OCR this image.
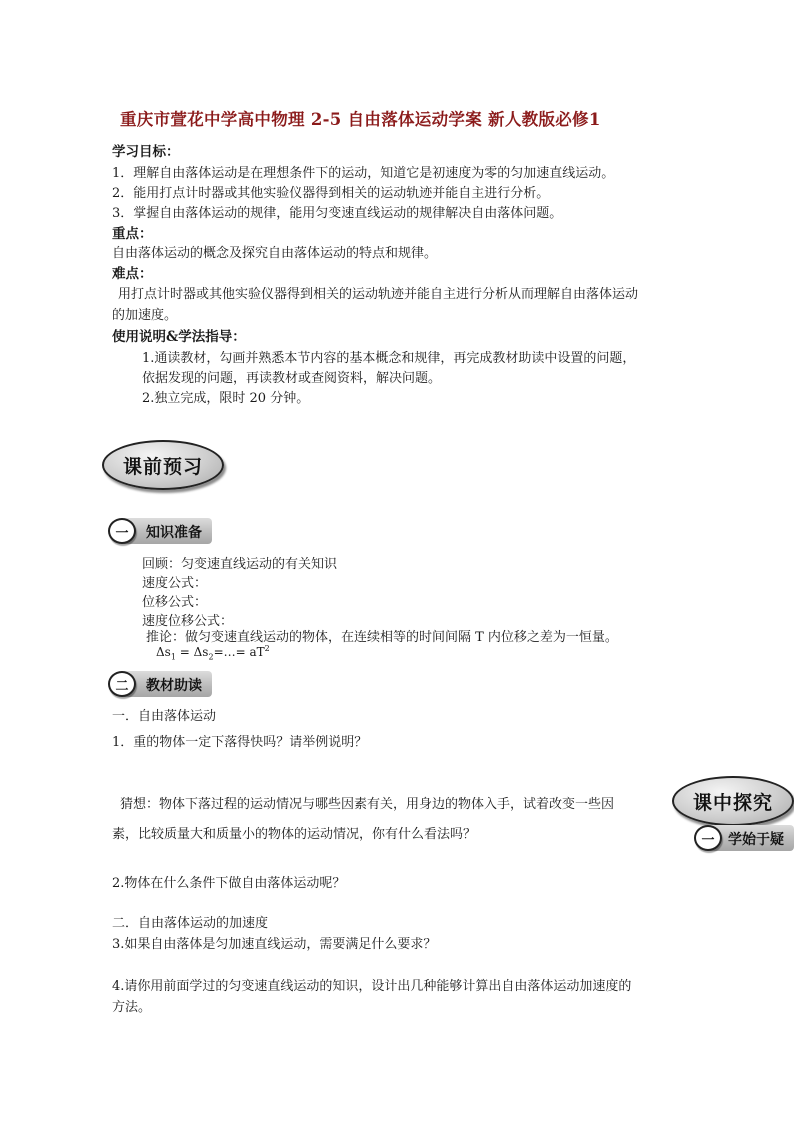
重庆市萱花中学高中物理 2-5 自由落体运动学案 新人教版必修1
学习目标：
1．理解自由落体运动是在理想条件下的运动，知道它是初速度为零的匀加速直线运动。
2．能用打点计时器或其他实验仪器得到相关的运动轨迹并能自主进行分析。
3．掌握自由落体运动的规律，能用匀变速直线运动的规律解决自由落体问题。
重点：
自由落体运动的概念及探究自由落体运动的特点和规律。
难点：
用打点计时器或其他实验仪器得到相关的运动轨迹并能自主进行分析从而理解自由落体运动
的加速度。
使用说明&学法指导：
1.通读教材，勾画并熟悉本节内容的基本概念和规律，再完成教材助读中设置的问题，
依据发现的问题，再读教材或查阅资料，解决问题。
2.独立完成，限时 20 分钟。
课前预习
一	知识准备
回顾：匀变速直线运动的有关知识
速度公式：
位移公式：
速度位移公式：
推论：做匀变速直线运动的物体，在连续相等的时间间隔 T 内位移之差为一恒量。
$\Delta s_1$ = $\Delta s_2=\dots= aT^2$
二	教材助读
一．自由落体运动
1．重的物体一定下落得快吗？请举例说明？
猜想：物体下落过程的运动情况与哪些因素有关，用身边的物体入手，试着改变一些因
素，比较质量大和质量小的物体的运动情况，你有什么看法吗？
2.物体在什么条件下做自由落体运动呢？
二．自由落体运动的加速度
3.如果自由落体是匀加速直线运动，需要满足什么要求？
4.请你用前面学过的匀变速直线运动的知识，设计出几种能够计算出自由落体运动加速度的
方法。
课中探究
一 学始于疑
